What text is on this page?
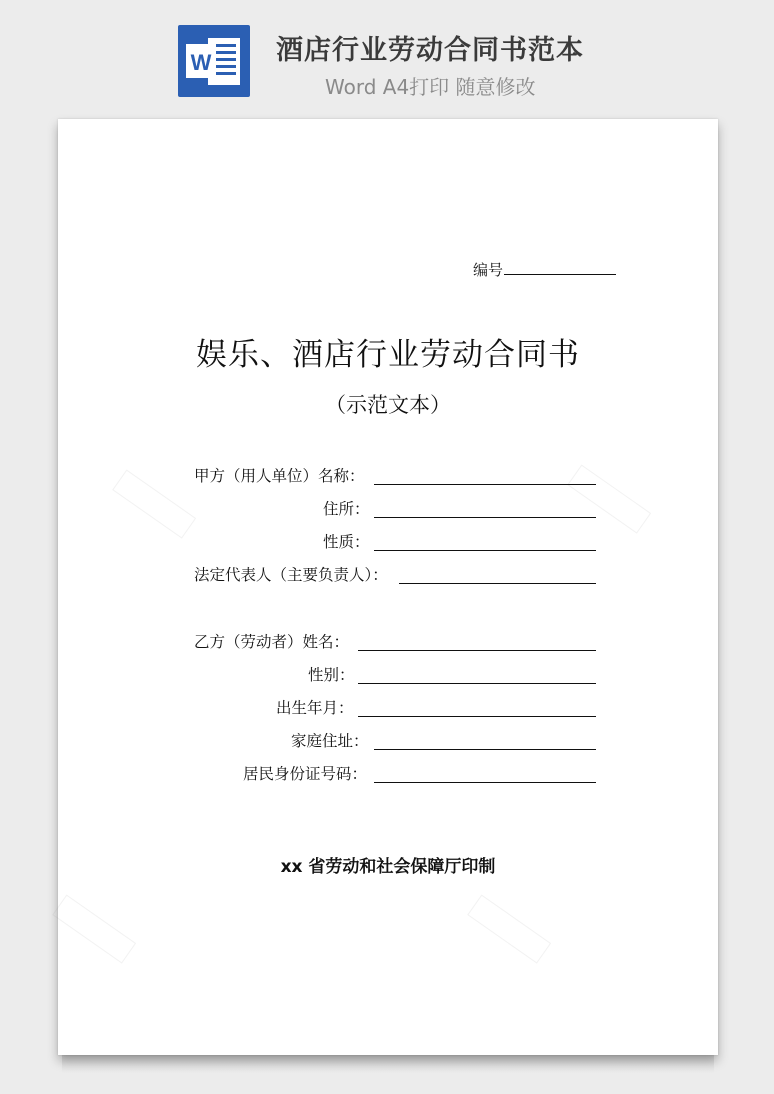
W 酒店行业劳动合同书范本
Word A4打印 随意修改
编号
娱乐、酒店行业劳动合同书
（示范文本）
甲方（用人单位）名称：
住所：
性质：
法定代表人（主要负责人）：
乙方（劳动者）姓名：
性别：
出生年月：
家庭住址：
居民身份证号码：
xx 省劳动和社会保障厅印制
